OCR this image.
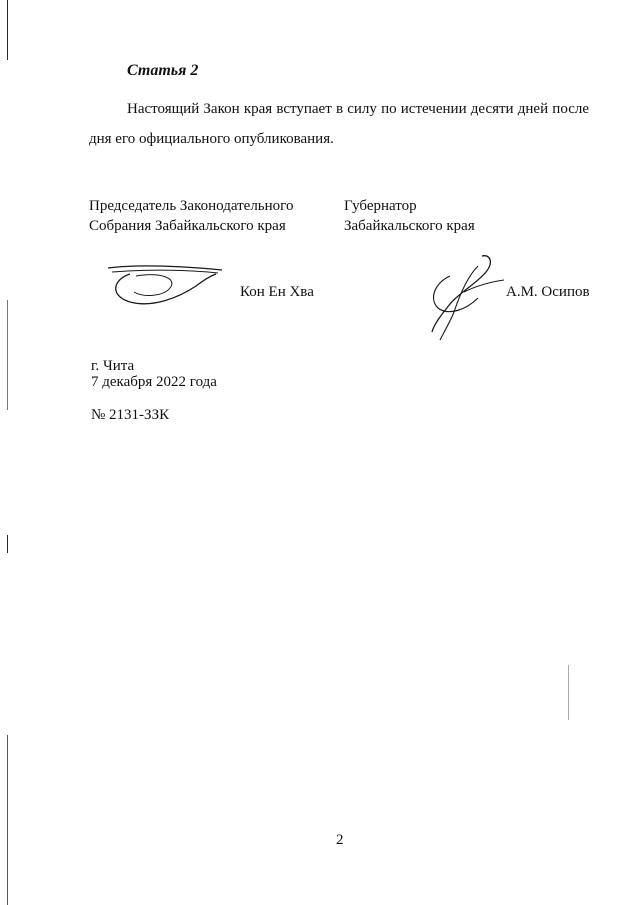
Статья 2

Настоящий Закон края вступает в силу по истечении десяти дней после дня его официального опубликования.

Председатель Законодательного
Собрания Забайкальского края
Губернатор
Забайкальского края
Кон Ен Хва	А.М. Осипов
г. Чита
7 декабря 2022 года
№ 2131-ЗЗК
2
